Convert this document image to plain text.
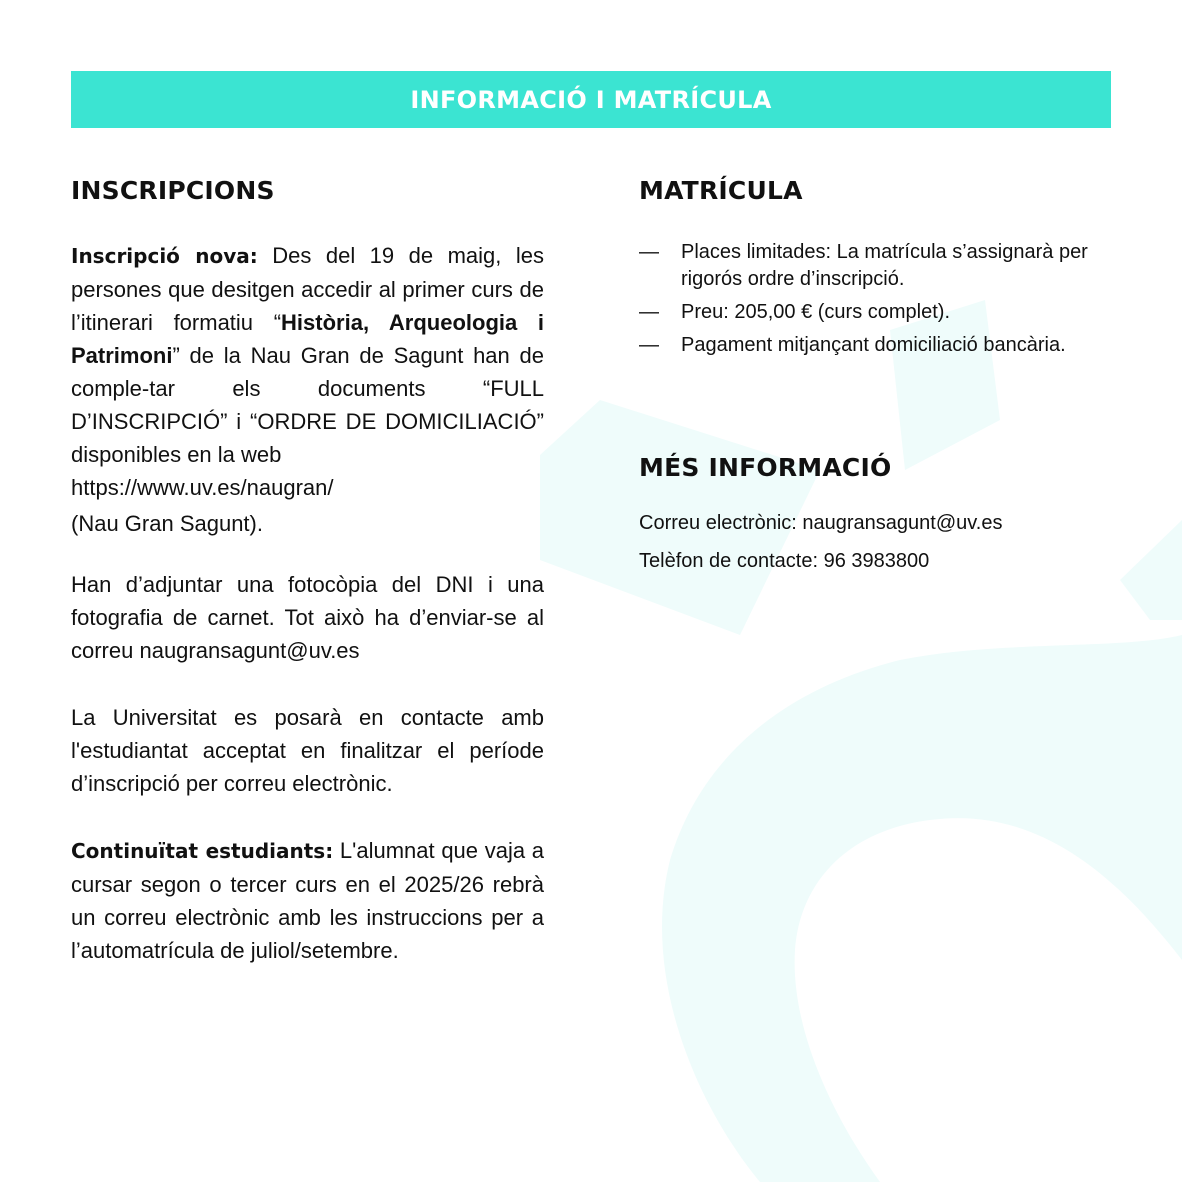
INFORMACIÓ I MATRÍCULA
INSCRIPCIONS

Inscripció nova: Des del 19 de maig, les persones que desitgen accedir al primer curs de l’itinerari formatiu “Història, Arqueologia i Patrimoni” de la Nau Gran de Sagunt han de comple-tar els documents “FULL D’INSCRIPCIÓ” i “ORDRE DE DOMICILIACIÓ” disponibles en la web
https://www.uv.es/naugran/
(Nau Gran Sagunt).

Han d’adjuntar una fotocòpia del DNI i una fotografia de carnet. Tot això ha d’enviar-se al correu naugransagunt@uv.es

La Universitat es posarà en contacte amb l'estudiantat acceptat en finalitzar el període d’inscripció per correu electrònic.

Continuïtat estudiants: L'alumnat que vaja a cursar segon o tercer curs en el 2025/26 rebrà un correu electrònic amb les instruccions per a l’automatrícula de juliol/setembre.

MATRÍCULA
—	Places limitades: La matrícula s’assignarà per rigorós ordre d’inscripció.
—	Preu: 205,00 € (curs complet).
—	Pagament mitjançant domiciliació bancària.
MÉS INFORMACIÓ
Correu electrònic: naugransagunt@uv.es
Telèfon de contacte: 96 3983800
